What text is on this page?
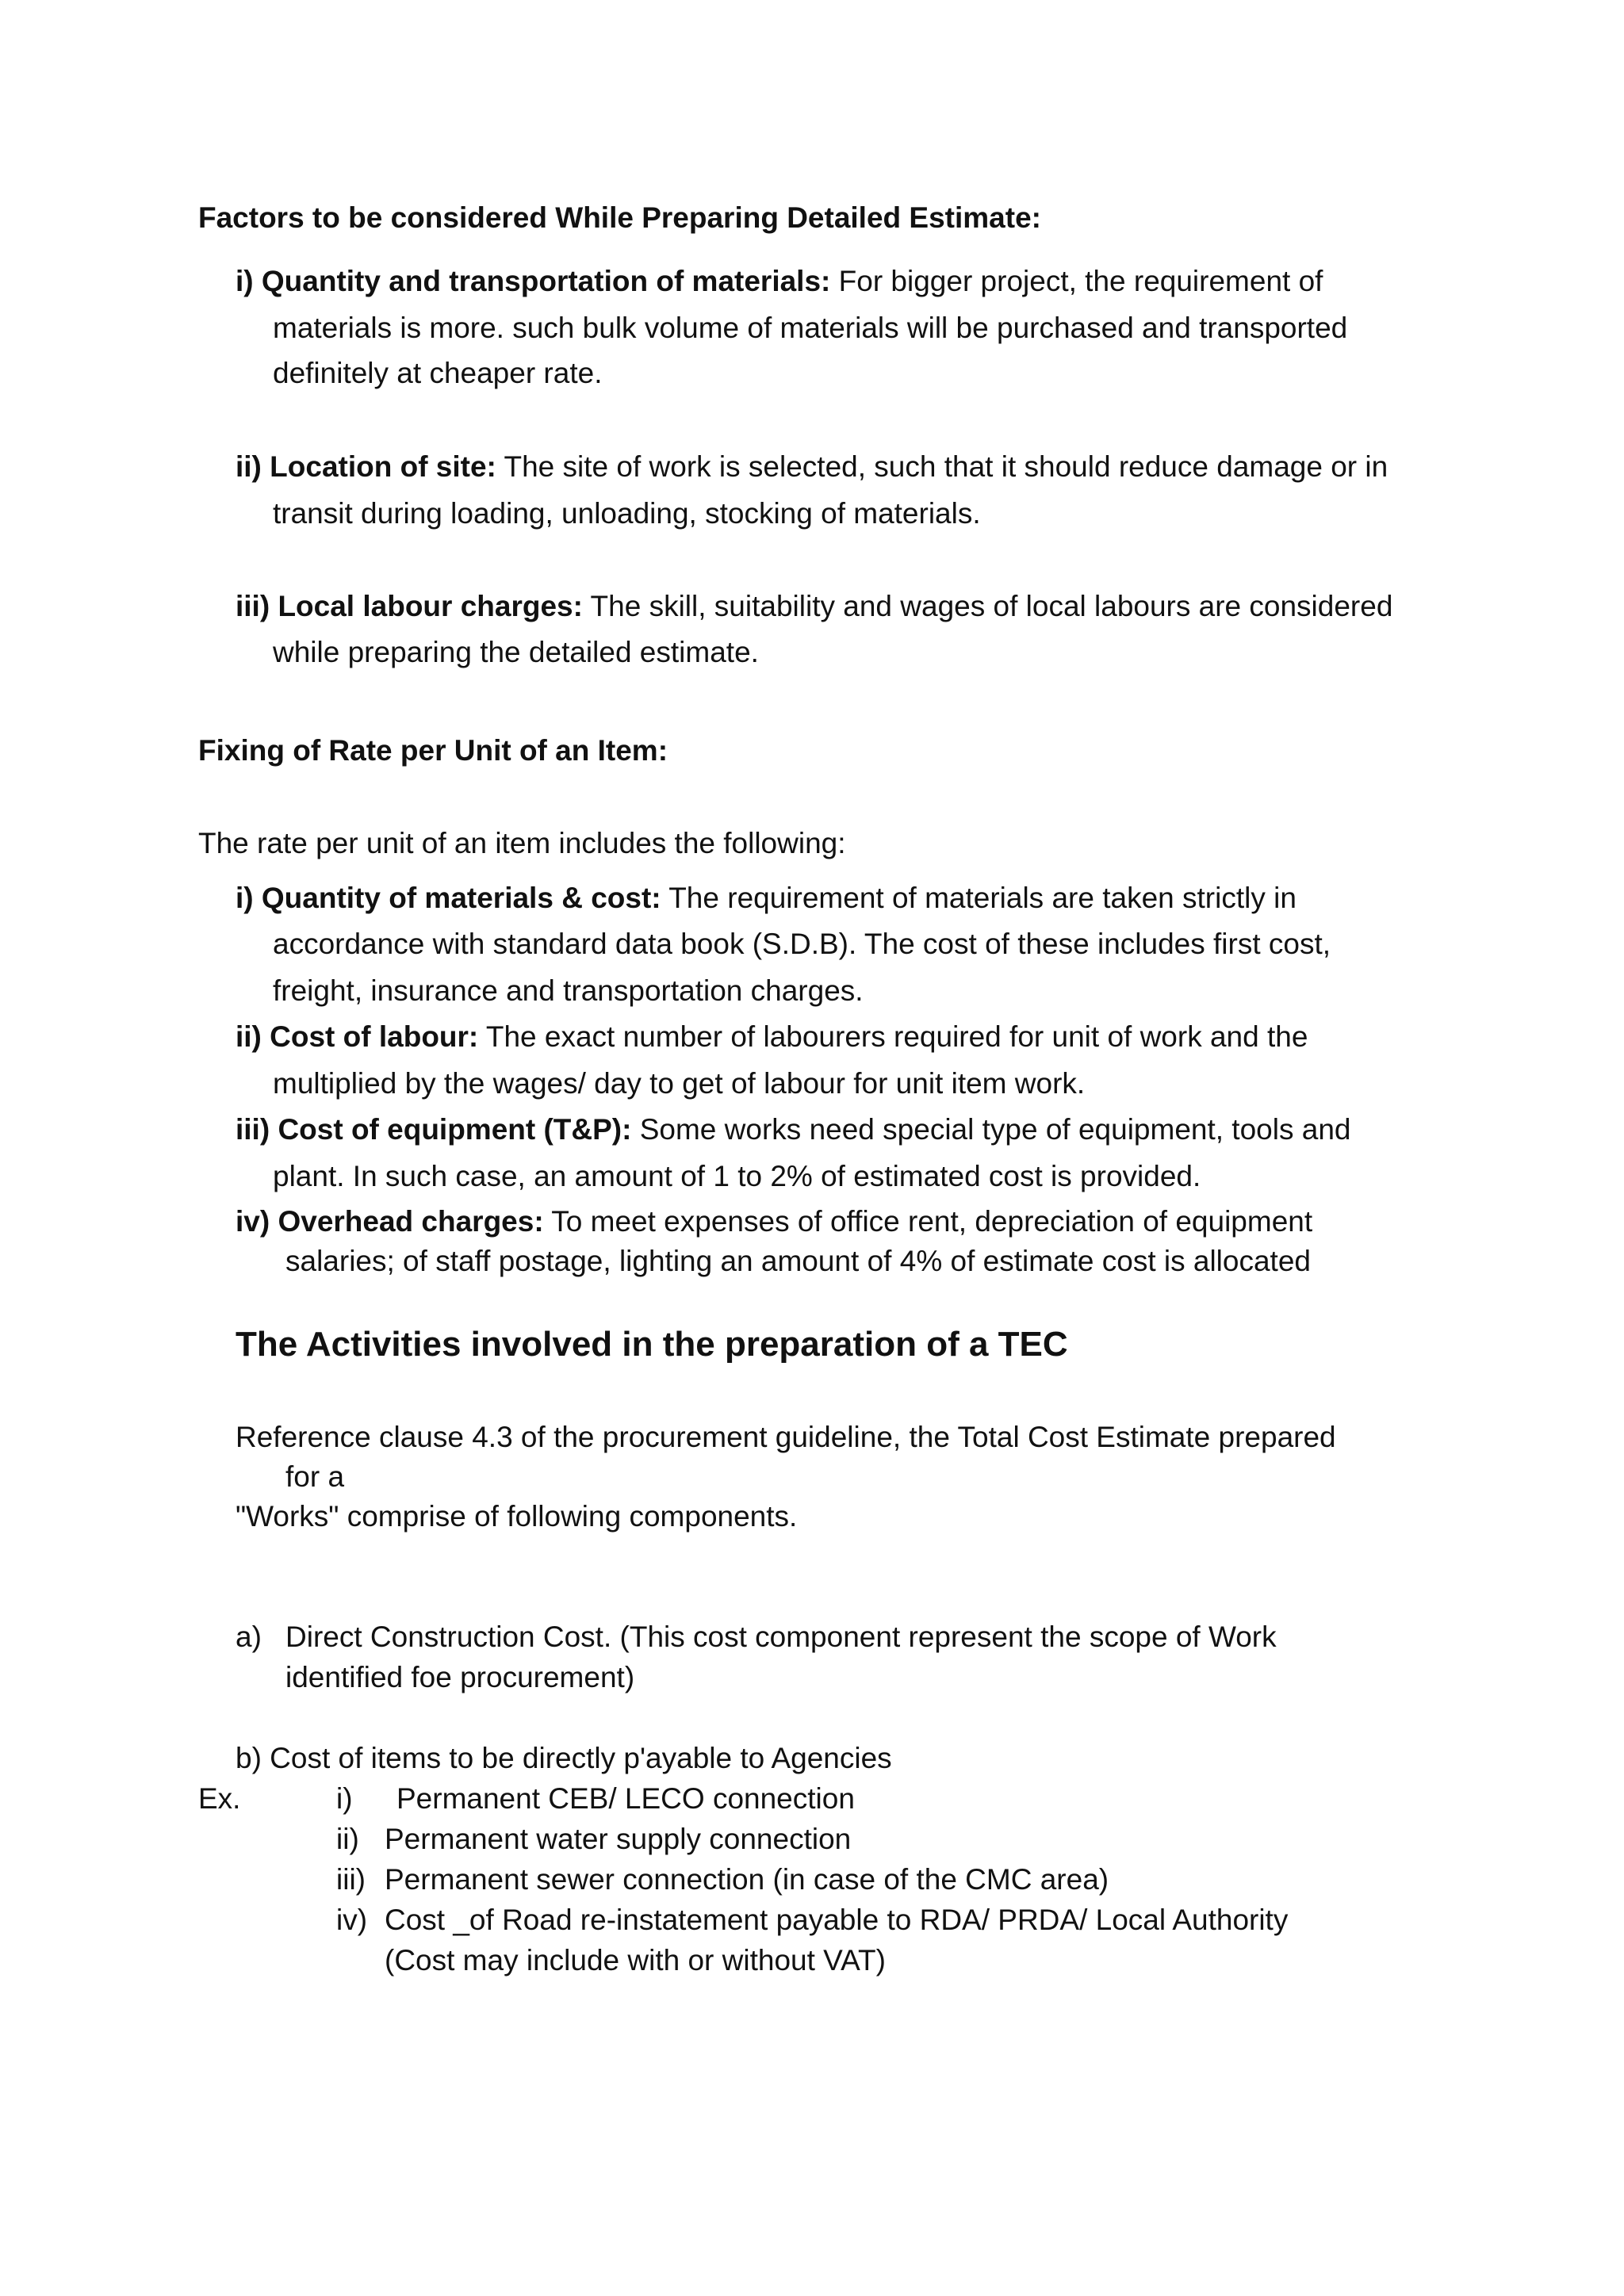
Factors to be considered While Preparing Detailed Estimate:
i) Quantity and transportation of materials: For bigger project, the requirement of
materials is more. such bulk volume of materials will be purchased and transported
definitely at cheaper rate.
ii) Location of site: The site of work is selected, such that it should reduce damage or in
transit during loading, unloading, stocking of materials.
iii) Local labour charges: The skill, suitability and wages of local labours are considered
while preparing the detailed estimate.
Fixing of Rate per Unit of an Item:
The rate per unit of an item includes the following:
i) Quantity of materials & cost: The requirement of materials are taken strictly in
accordance with standard data book (S.D.B). The cost of these includes first cost,
freight, insurance and transportation charges.
ii) Cost of labour: The exact number of labourers required for unit of work and the
multiplied by the wages/ day to get of labour for unit item work.
iii) Cost of equipment (T&P): Some works need special type of equipment, tools and
plant. In such case, an amount of 1 to 2% of estimated cost is provided.
iv) Overhead charges: To meet expenses of office rent, depreciation of equipment
salaries; of staff postage, lighting an amount of 4% of estimate cost is allocated
The Activities involved in the preparation of a TEC
Reference clause 4.3 of the procurement guideline, the Total Cost Estimate prepared
for a
"Works" comprise of following components.
a) Direct Construction Cost. (This cost component represent the scope of Work
identified foe procurement)
b) Cost of items to be directly p'ayable to Agencies
Ex.	i) Permanent CEB/ LECO connection
ii) Permanent water supply connection
iii) Permanent sewer connection (in case of the CMC area)
iv) Cost _of Road re-instatement payable to RDA/ PRDA/ Local Authority
(Cost may include with or without VAT)
